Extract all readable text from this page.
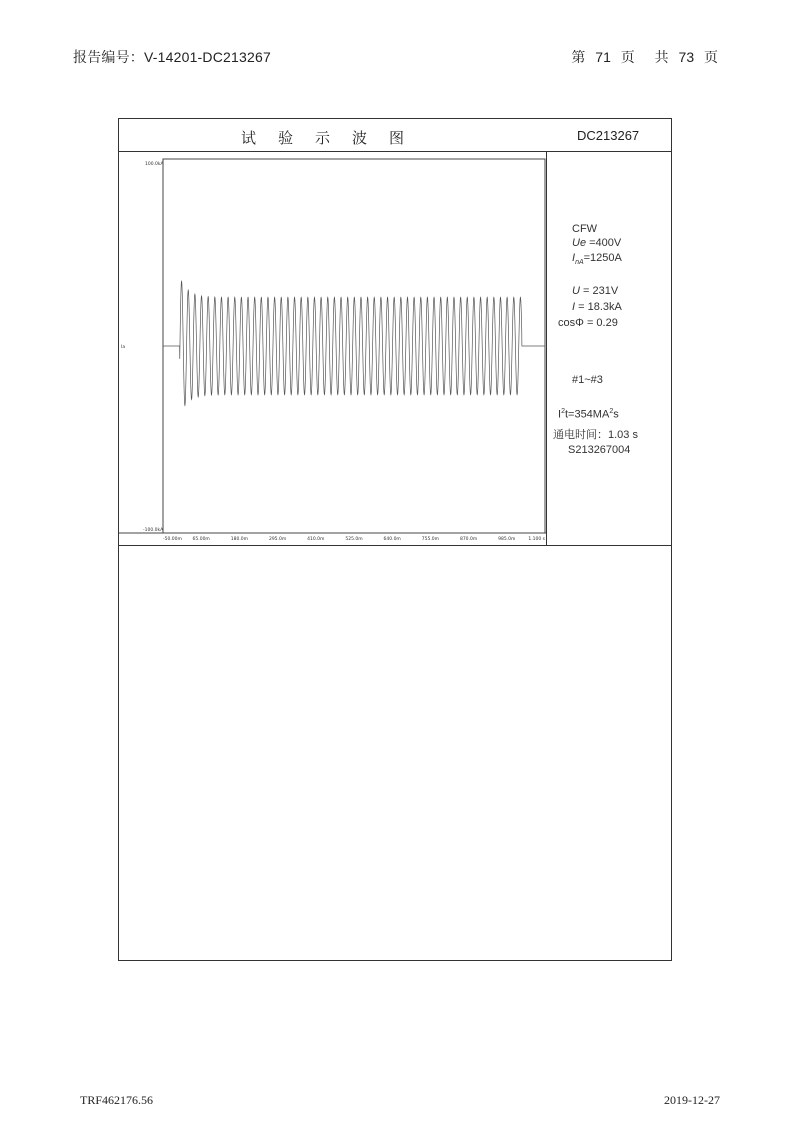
报告编号：V-14201-DC213267	第 71 页 共 73 页
试验示波图	DC213267
100.0kA
-100.0kA
Ia
-50.00m 65.00m	180.0m	295.0m	410.0m	525.0m	640.0m	755.0m	870.0m	985.0m	1.100 s
CFW
Ue =400V
$I_{nA}=1250A$
U = 231V
I = 18.3kA
cosΦ = 0.29
#1~#3
$I^2t=354MA^2s$
通电时间：1.03 s
S213267004
TRF462176.56	2019-12-27
